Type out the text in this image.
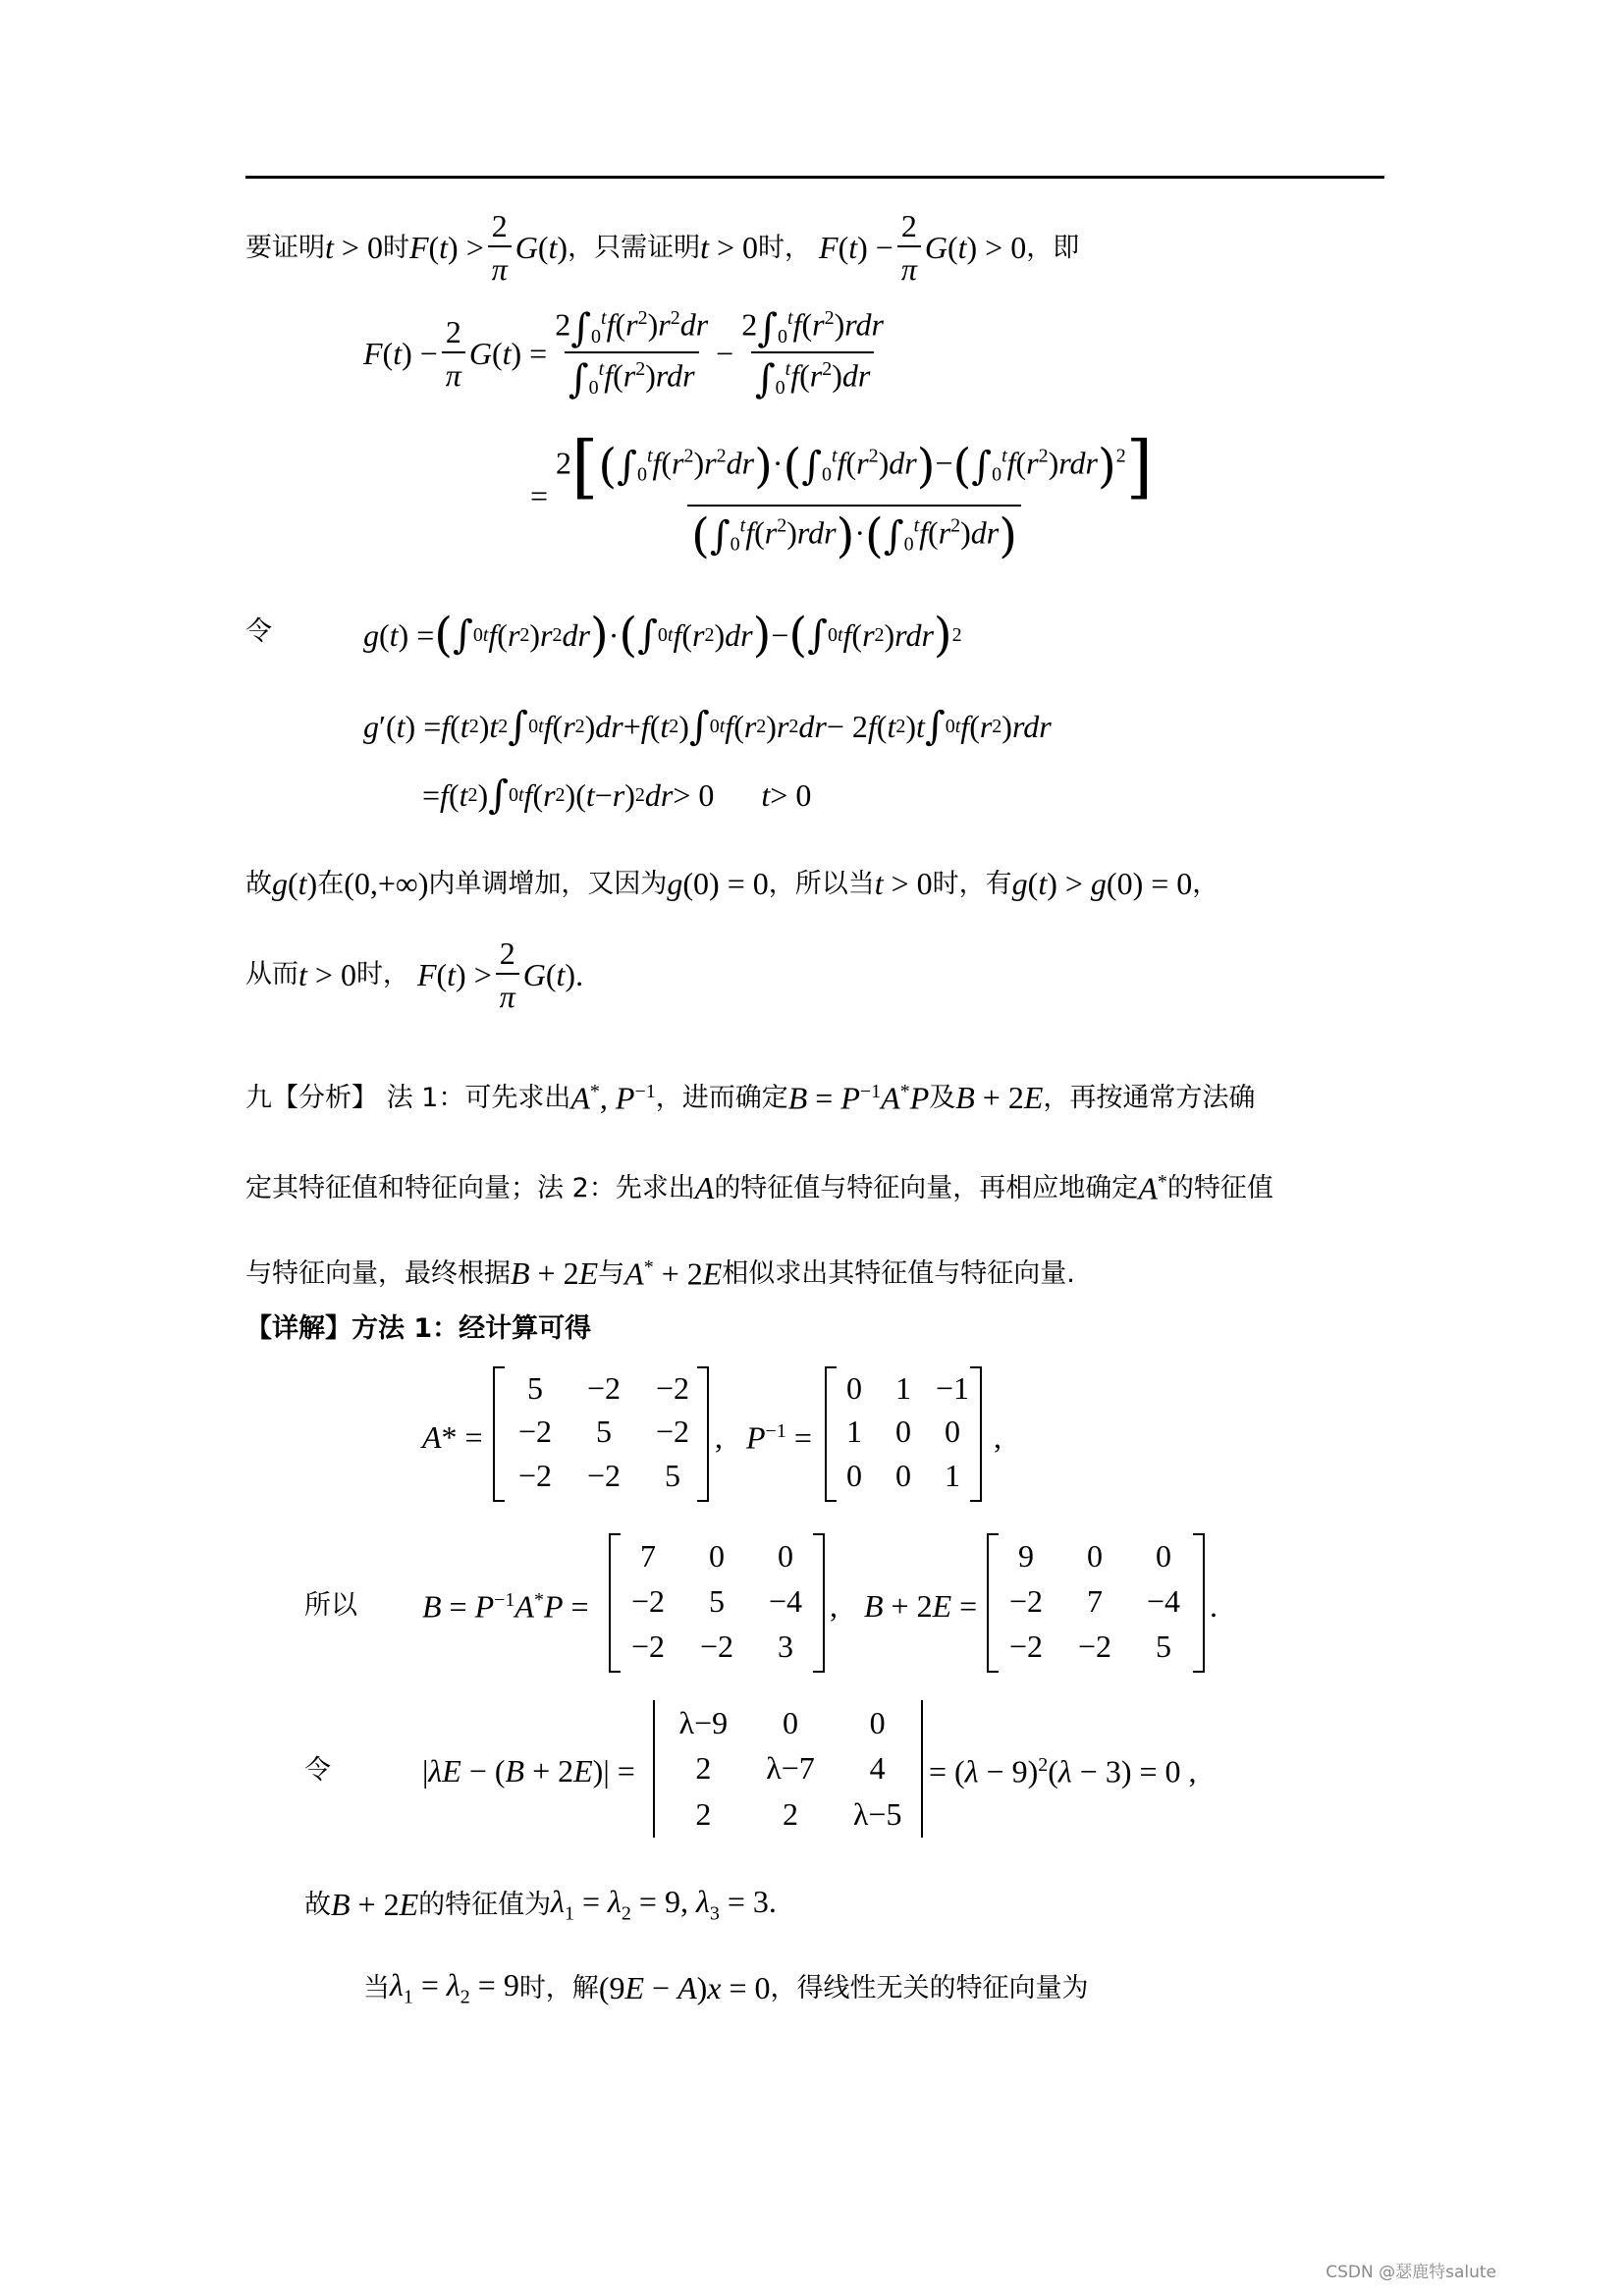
要证明 t > 0 时 $F(t) > \frac{2}{\pi} G(t)$ ，只需证明 t > 0 时， $F(t) - \frac{2}{\pi} G(t) > 0$ ，即
$F(t) - \frac{2}{\pi} G(t) = \frac{2\int_0^tf(r^2)r^2dr}{\int_0^tf(r^2)rdr} - \frac{2\int_0^tf(r^2)rdr}{\int_0^tf(r^2)dr}$
= $\frac{2[(\int_0^tf(r^2)r^2dr)\cdot(\int_0^tf(r^2)dr)-(\int_0^tf(r^2)rdr)^2]}{(\int_0^tf(r^2)rdr)\cdot(\int_0^tf(r^2)dr)}$
令	g ( t ) = ( ∫ 0 t f ( r 2 ) r 2 dr ) · ( ∫ 0 t f ( r 2 ) dr ) − ( ∫ 0 t f ( r 2 ) rdr ) 2
g ′( t ) = f ( t 2 ) t 2 ∫ 0 t f ( r 2 ) dr + f ( t 2 ) ∫ 0 t f ( r 2 ) r 2 dr − 2 f ( t 2 ) t ∫ 0 t f ( r 2 ) rdr
= f ( t 2 ) ∫ 0 t f ( r 2 )( t − r ) 2 dr > 0 t > 0
故 g(t) 在 (0,+∞) 内单调增加，又因为 g(0) = 0 ，所以当 t > 0 时，有 g(t) > g(0) = 0 ，
从而 t > 0 时， $F(t) > \frac{2}{\pi} G(t)$.
九【分析】 法 1：可先求出 A*, $P^{-1}$ ，进而确定 $B = P^{-1}A^*P$ 及 B + 2E ，再按通常方法确
定其特征值和特征向量；法 2：先求出 A 的特征值与特征向量，再相应地确定 A* 的特征值
与特征向量，最终根据 B + 2E 与 A* + 2E 相似求出其特征值与特征向量.
【详解】方法 1：经计算可得
A* =
5	−2	−2
−2	5	−2
−2	−2	5
, $P^{-1}$ =
0	1 −1
1	0	0
0	0	1
,
所以 $B = P^{-1}A^*P$ =
7	0	0
−2	5	−4
−2	−2	3
, B + 2E =
9	0	0
−2	7	−4
−2	−2	5
.
令	|λE − (B + 2E)| =
λ−9	0	0
2	λ−7	4
2	2	λ−5
= $(\lambda - 9)^2(\lambda - 3) = 0$ ,
故 B + 2E 的特征值为 $\lambda_1 = \lambda_2 = 9$, $\lambda_3 = 3$.
当 $\lambda_1 = \lambda_2 = 9$ 时，解 (9E − A)x = 0 ，得线性无关的特征向量为
CSDN @瑟鹿特salute
